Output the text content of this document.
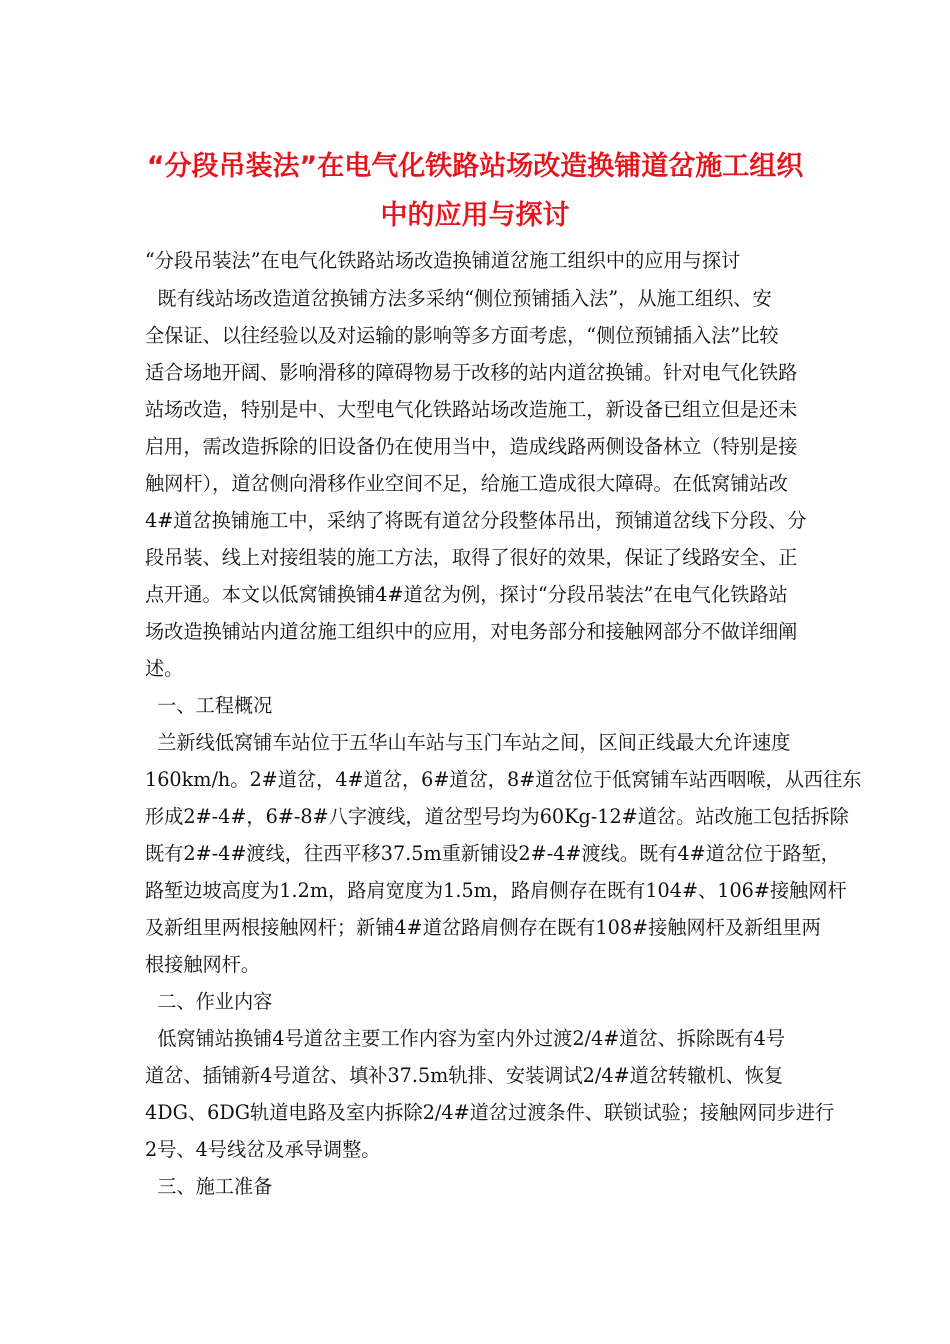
“分段吊装法”在电气化铁路站场改造换铺道岔施工组织
中的应用与探讨
“分段吊装法”在电气化铁路站场改造换铺道岔施工组织中的应用与探讨
既有线站场改造道岔换铺方法多采纳“侧位预铺插入法”，从施工组织、安
全保证、以往经验以及对运输的影响等多方面考虑，“侧位预铺插入法”比较
适合场地开阔、影响滑移的障碍物易于改移的站内道岔换铺。针对电气化铁路
站场改造，特别是中、大型电气化铁路站场改造施工，新设备已组立但是还未
启用，需改造拆除的旧设备仍在使用当中，造成线路两侧设备林立（特别是接
触网杆），道岔侧向滑移作业空间不足，给施工造成很大障碍。在低窝铺站改
4#道岔换铺施工中，采纳了将既有道岔分段整体吊出，预铺道岔线下分段、分
段吊装、线上对接组装的施工方法，取得了很好的效果，保证了线路安全、正
点开通。本文以低窝铺换铺4#道岔为例，探讨“分段吊装法”在电气化铁路站
场改造换铺站内道岔施工组织中的应用，对电务部分和接触网部分不做详细阐
述。
一、工程概况
兰新线低窝铺车站位于五华山车站与玉门车站之间，区间正线最大允许速度
160km/h。2#道岔，4#道岔，6#道岔，8#道岔位于低窝铺车站西咽喉，从西往东
形成2#-4#，6#-8#八字渡线，道岔型号均为60Kg-12#道岔。站改施工包括拆除
既有2#-4#渡线，往西平移37.5m重新铺设2#-4#渡线。既有4#道岔位于路堑，
路堑边坡高度为1.2m，路肩宽度为1.5m，路肩侧存在既有104#、106#接触网杆
及新组里两根接触网杆；新铺4#道岔路肩侧存在既有108#接触网杆及新组里两
根接触网杆。
二、作业内容
低窝铺站换铺4号道岔主要工作内容为室内外过渡2/4#道岔、拆除既有4号
道岔、插铺新4号道岔、填补37.5m轨排、安装调试2/4#道岔转辙机、恢复
4DG、6DG轨道电路及室内拆除2/4#道岔过渡条件、联锁试验；接触网同步进行
2号、4号线岔及承导调整。
三、施工准备
